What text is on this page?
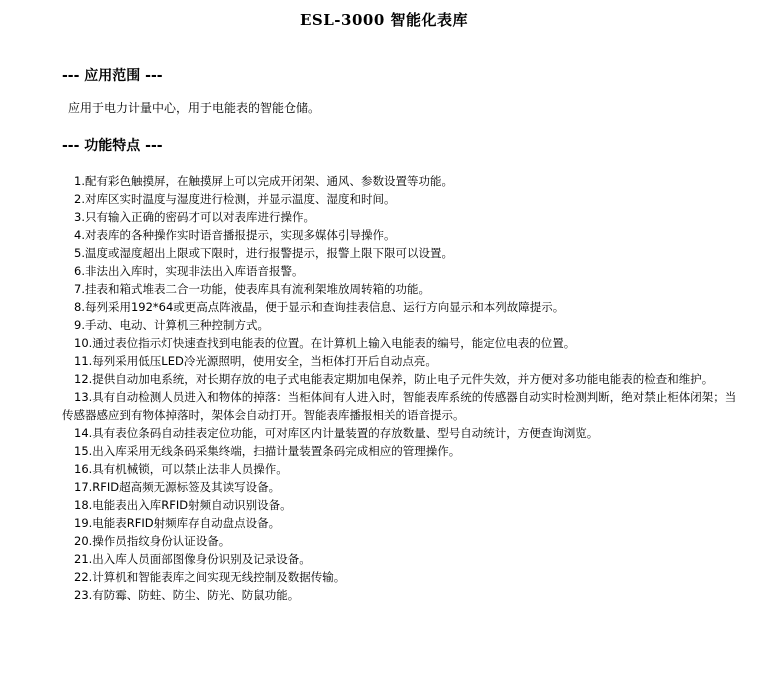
ESL-3000 智能化表库
--- 应用范围 ---
应用于电力计量中心，用于电能表的智能仓储。
--- 功能特点 ---
1.配有彩色触摸屏，在触摸屏上可以完成开闭架、通风、参数设置等功能。
2.对库区实时温度与湿度进行检测，并显示温度、湿度和时间。
3.只有输入正确的密码才可以对表库进行操作。
4.对表库的各种操作实时语音播报提示，实现多媒体引导操作。
5.温度或湿度超出上限或下限时，进行报警提示，报警上限下限可以设置。
6.非法出入库时，实现非法出入库语音报警。
7.挂表和箱式堆表二合一功能，使表库具有流利架堆放周转箱的功能。
8.每列采用192*64或更高点阵液晶，便于显示和查询挂表信息、运行方向显示和本列故障提示。
9.手动、电动、计算机三种控制方式。
10.通过表位指示灯快速查找到电能表的位置。在计算机上输入电能表的编号，能定位电表的位置。
11.每列采用低压LED冷光源照明，使用安全，当柜体打开后自动点亮。
12.提供自动加电系统，对长期存放的电子式电能表定期加电保养，防止电子元件失效，并方便对多功能电能表的检查和维护。
13.具有自动检测人员进入和物体的掉落：当柜体间有人进入时，智能表库系统的传感器自动实时检测判断，绝对禁止柜体闭架；当传感器感应到有物体掉落时，架体会自动打开。智能表库播报相关的语音提示。
14.具有表位条码自动挂表定位功能，可对库区内计量装置的存放数量、型号自动统计，方便查询浏览。
15.出入库采用无线条码采集终端，扫描计量装置条码完成相应的管理操作。
16.具有机械锁，可以禁止法非人员操作。
17.RFID超高频无源标签及其读写设备。
18.电能表出入库RFID射频自动识别设备。
19.电能表RFID射频库存自动盘点设备。
20.操作员指纹身份认证设备。
21.出入库人员面部图像身份识别及记录设备。
22.计算机和智能表库之间实现无线控制及数据传输。
23.有防霉、防蛀、防尘、防光、防鼠功能。
